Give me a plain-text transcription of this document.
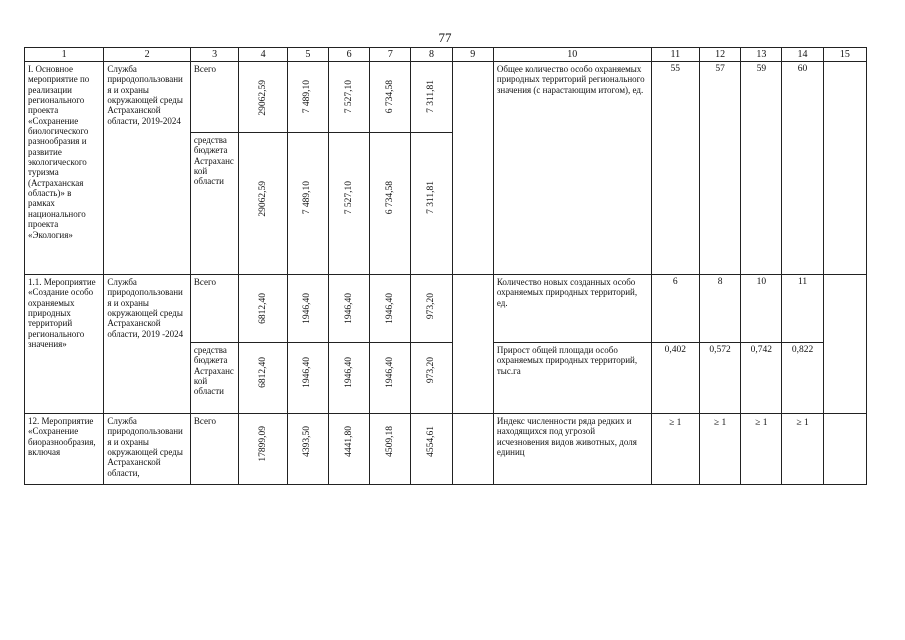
77
1	2	3	4	5	6	7	8	9	10	11	12	13	14	15
I. Основное мероприятие по реализации регионального проекта «Сохранение биологического разнообразия и развитие экологического туризма (Астраханская область)» в рамках национального проекта «Экология»	Служба природопользования и охраны окружающей среды Астраханской области, 2019-2024	Всего	29062,59	7 489,10	7 527,10	6 734,58	7 311,81		Общее количество особо охраняемых природных территорий регионального значения (с нарастающим итогом), ед.	55	57	59	60	
		средства бюджета Астраханской области	29062,59	7 489,10	7 527,10	6 734,58	7 311,81							

1.1. Мероприятие «Создание особо охраняемых природных территорий регионального значения»	Служба природопользования и охраны окружающей среды Астраханской области, 2019 -2024	Всего	6812,40	1946,40	1946,40	1946,40	973,20		Количество новых созданных особо охраняемых природных территорий, ед.	6	8	10	11	
		средства бюджета Астраханской области	6812,40	1946,40	1946,40	1946,40	973,20		Прирост общей площади особо охраняемых природных территорий, тыс.га	0,402	0,572	0,742	0,822	
12. Мероприятие «Сохранение биоразнообразия, включая	Служба природопользования и охраны окружающей среды Астраханской области,	Всего	17899,09	4393,50	4441,80	4509,18	4554,61		Индекс численности ряда редких и находящихся под угрозой исчезновения видов животных, доля единиц	≥ 1	≥ 1	≥ 1	≥ 1	
